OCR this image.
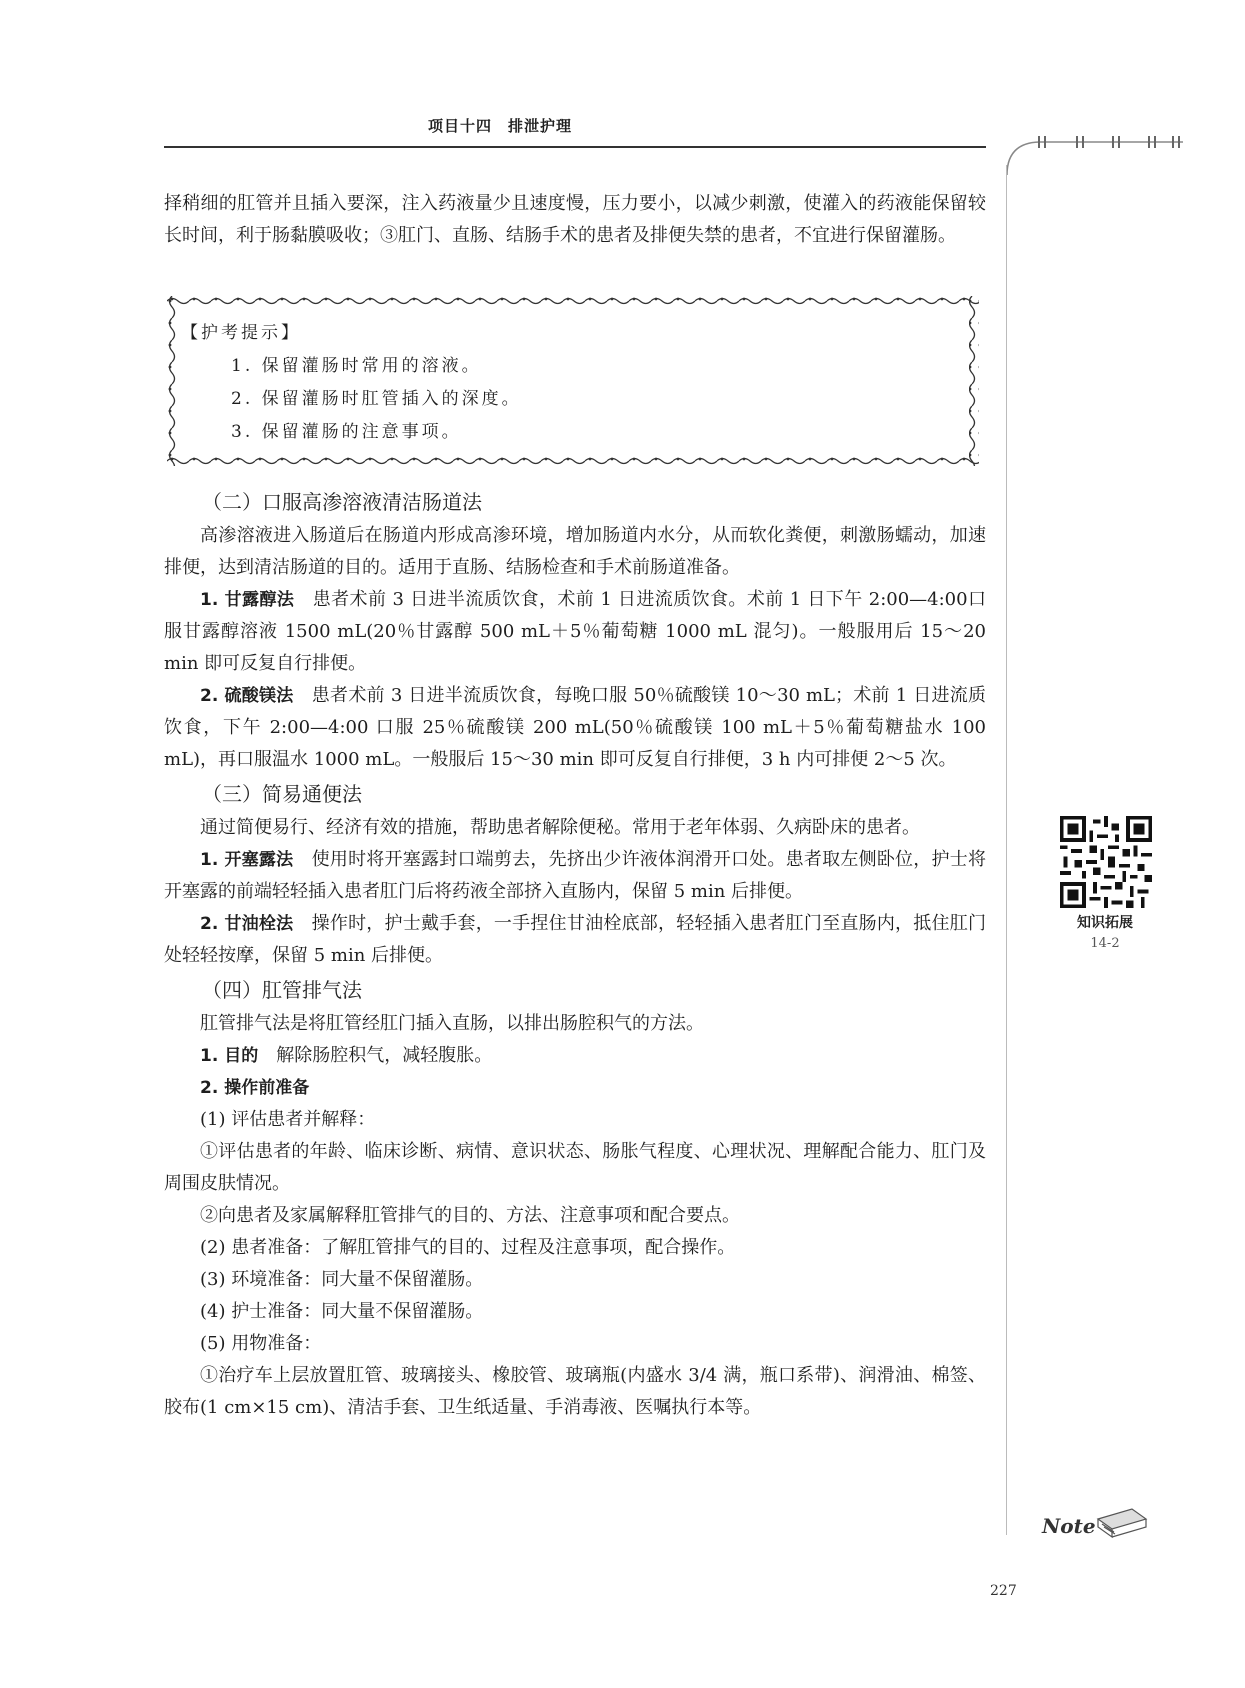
项目十四　排泄护理

择稍细的肛管并且插入要深，注入药液量少且速度慢，压力要小，以减少刺激，使灌入的药液能保留较长时间，利于肠黏膜吸收；③肛门、直肠、结肠手术的患者及排便失禁的患者，不宜进行保留灌肠。

【护考提示】
1. 保留灌肠时常用的溶液。
2. 保留灌肠时肛管插入的深度。
3. 保留灌肠的注意事项。

（二）口服高渗溶液清洁肠道法

高渗溶液进入肠道后在肠道内形成高渗环境，增加肠道内水分，从而软化粪便，刺激肠蠕动，加速排便，达到清洁肠道的目的。适用于直肠、结肠检查和手术前肠道准备。

1. 甘露醇法　 患者术前 3 日进半流质饮食，术前 1 日进流质饮食。术前 1 日下午 2:00—4:00口服甘露醇溶液 1500 mL(20％甘露醇 500 mL＋5％葡萄糖 1000 mL 混匀)。一般服用后 15～20 min 即可反复自行排便。

2. 硫酸镁法　 患者术前 3 日进半流质饮食，每晚口服 50％硫酸镁 10～30 mL；术前 1 日进流质饮食，下午 2:00—4:00 口服 25％硫酸镁 200 mL(50％硫酸镁 100 mL＋5％葡萄糖盐水 100 mL)，再口服温水 1000 mL。一般服后 15～30 min 即可反复自行排便，3 h 内可排便 2～5 次。

（三）简易通便法

通过简便易行、经济有效的措施，帮助患者解除便秘。常用于老年体弱、久病卧床的患者。

1. 开塞露法　 使用时将开塞露封口端剪去，先挤出少许液体润滑开口处。患者取左侧卧位，护士将开塞露的前端轻轻插入患者肛门后将药液全部挤入直肠内，保留 5 min 后排便。

2. 甘油栓法　 操作时，护士戴手套，一手捏住甘油栓底部，轻轻插入患者肛门至直肠内，抵住肛门处轻轻按摩，保留 5 min 后排便。

（四）肛管排气法

肛管排气法是将肛管经肛门插入直肠，以排出肠腔积气的方法。

1. 目的　 解除肠腔积气，减轻腹胀。

2. 操作前准备

(1) 评估患者并解释：

①评估患者的年龄、临床诊断、病情、意识状态、肠胀气程度、心理状况、理解配合能力、肛门及周围皮肤情况。

②向患者及家属解释肛管排气的目的、方法、注意事项和配合要点。

(2) 患者准备：了解肛管排气的目的、过程及注意事项，配合操作。

(3) 环境准备：同大量不保留灌肠。

(4) 护士准备：同大量不保留灌肠。

(5) 用物准备：

①治疗车上层放置肛管、玻璃接头、橡胶管、玻璃瓶(内盛水 3/4 满，瓶口系带)、润滑油、棉签、胶布(1 cm×15 cm)、清洁手套、卫生纸适量、手消毒液、医嘱执行本等。

知识拓展
14-2
Note
227
